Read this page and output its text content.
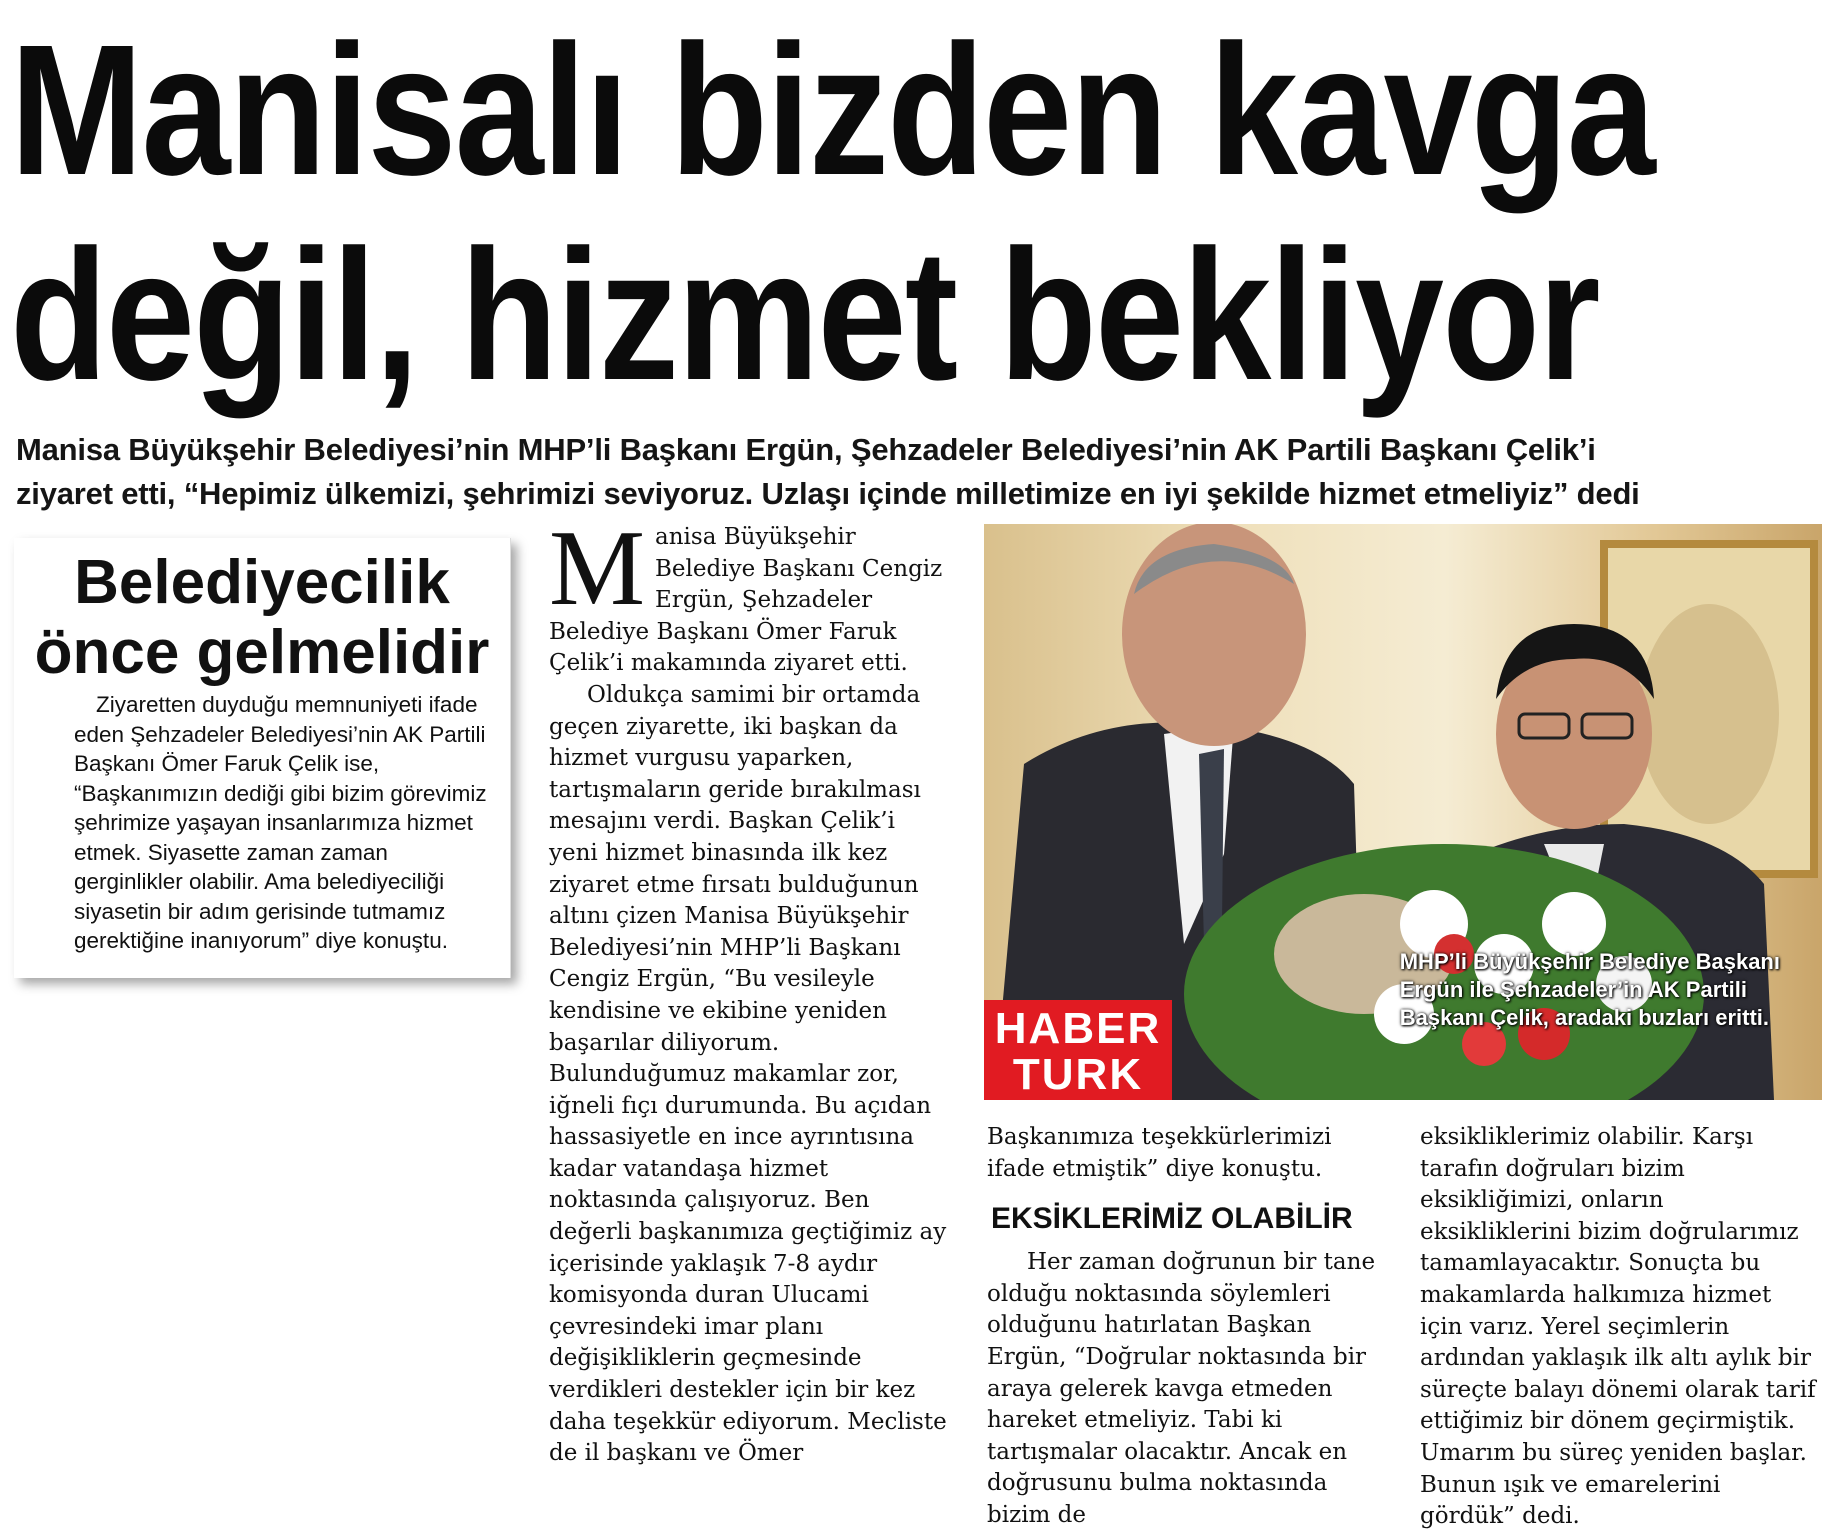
Manisalı bizden kavga
değil, hizmet bekliyor
Manisa Büyükşehir Belediyesi’nin MHP’li Başkanı Ergün, Şehzadeler Belediyesi’nin AK Partili Başkanı Çelik’i
ziyaret etti, “Hepimiz ülkemizi, şehrimizi seviyoruz. Uzlaşı içinde milletimize en iyi şekilde hizmet etmeliyiz” dedi
Belediyecilik
önce gelmelidir
Ziyaretten duyduğu memnuniyeti ifade eden Şehzadeler Belediyesi’nin AK Partili Başkanı Ömer Faruk Çelik ise, “Başkanımızın dediği gibi bizim görevimiz şehrimize yaşayan insanlarımıza hizmet etmek. Siyasette zaman zaman gerginlikler olabilir. Ama belediyeciliği siyasetin bir adım gerisinde tutmamız gerektiğine inanıyorum” diye konuştu.
M anisa Büyükşehir Belediye Başkanı Cengiz Ergün, Şehzadeler Belediye Başkanı Ömer Faruk Çelik’i makamında ziyaret etti.

Oldukça samimi bir ortamda geçen ziyarette, iki başkan da hizmet vurgusu yaparken, tartışmaların geride bırakılması mesajını verdi. Başkan Çelik’i yeni hizmet binasında ilk kez ziyaret etme fırsatı bulduğunun altını çizen Manisa Büyükşehir Belediyesi’nin MHP’li Başkanı Cengiz Ergün, “Bu vesileyle kendisine ve ekibine yeniden başarılar diliyorum. Bulunduğumuz makamlar zor, iğneli fıçı durumunda. Bu açıdan hassasiyetle en ince ayrıntısına kadar vatandaşa hizmet noktasında çalışıyoruz. Ben değerli başkanımıza geçtiğimiz ay içerisinde yaklaşık 7-8 aydır komisyonda duran Ulucami çevresindeki imar planı değişikliklerin geçmesinde verdikleri destekler için bir kez daha teşekkür ediyorum. Mecliste de il başkanı ve Ömer

MHP’li Büyükşehir Belediye Başkanı
Ergün ile Şehzadeler’in AK Partili
Başkanı Çelik, aradaki buzları eritti.
HABER
TURK

Başkanımıza teşekkürlerimizi ifade etmiştik” diye konuştu.

EKSİKLERİMİZ OLABİLİR

Her zaman doğrunun bir tane olduğu noktasında söylemleri olduğunu hatırlatan Başkan Ergün, “Doğrular noktasında bir araya gelerek kavga etmeden hareket etmeliyiz. Tabi ki tartışmalar olacaktır. Ancak en doğrusunu bulma noktasında bizim de

eksikliklerimiz olabilir. Karşı tarafın doğruları bizim eksikliğimizi, onların eksikliklerini bizim doğrularımız tamamlayacaktır. Sonuçta bu makamlarda halkımıza hizmet için varız. Yerel seçimlerin ardından yaklaşık ilk altı aylık bir süreçte balayı dönemi olarak tarif ettiğimiz bir dönem geçirmiştik. Umarım bu süreç yeniden başlar. Bunun ışık ve emarelerini gördük” dedi.
